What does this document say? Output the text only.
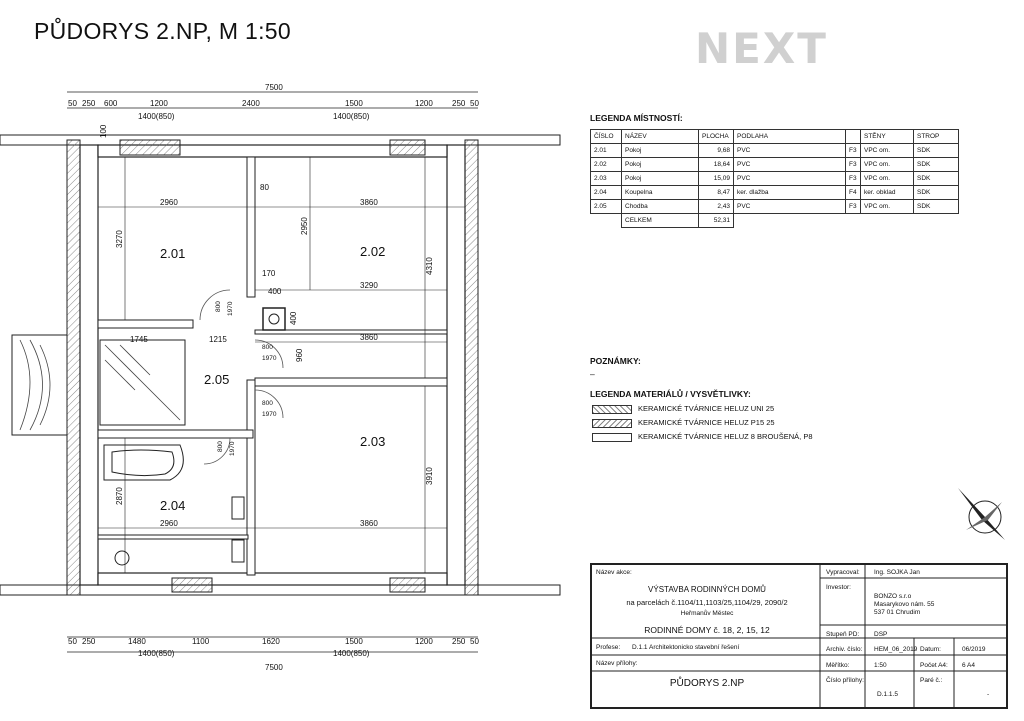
PŮDORYS 2.NP, M 1:50	NEXT
2.01	2.02
2.03
2.04
2.05
7500
50 250 600	1200	2400	1500	1200 250 50
1400(850)	1400(850)
50 250	1480	1100	1620	1500	1200 250 50
1400(850)	1400(850)
7500
2960	3860
3290
3860
2960	3860
3270
2950
4310
3910
2870
1745	1215
170
400
100
80
960
400
800 1970
800
1970
800
1970
800 1970
LEGENDA MÍSTNOSTÍ:
ČÍSLO	NÁZEV	PLOCHA	PODLAHA		STĚNY	STROP
2.01	Pokoj	9,68	PVC	F3	VPC om.	SDK
2.02	Pokoj	18,64	PVC	F3	VPC om.	SDK
2.03	Pokoj	15,09	PVC	F3	VPC om.	SDK
2.04	Koupelna	8,47	ker. dlažba	F4	ker. obklad	SDK
2.05	Chodba	2,43	PVC	F3	VPC om.	SDK
	CELKEM	52,31				
POZNÁMKY:
–
LEGENDA MATERIÁLŮ / VYSVĚTLIVKY:
KERAMICKÉ TVÁRNICE HELUZ UNI 25
KERAMICKÉ TVÁRNICE HELUZ P15 25
KERAMICKÉ TVÁRNICE HELUZ 8 BROUŠENÁ, P8
Název akce:
VÝSTAVBA RODINNÝCH DOMŮ
na parcelách č.1104/11,1103/25,1104/29, 2090/2
Heřmanův Městec
RODINNÉ DOMY č. 18, 2, 15, 12
Vypracoval: Ing. SOJKA Jan
Investor:
BONZO s.r.o
Masarykovo nám. 55
537 01 Chrudim
Stupeň PD: DSP
Profese: D.1.1 Architektonicko stavební řešení	Archiv. číslo: HEM_06_2019 Datum:	06/2019
Název přílohy:
PŮDORYS 2.NP
Měřítko:	1:50	Počet A4: 6 A4
Číslo přílohy:
D.1.1.5
Paré č.:
-
